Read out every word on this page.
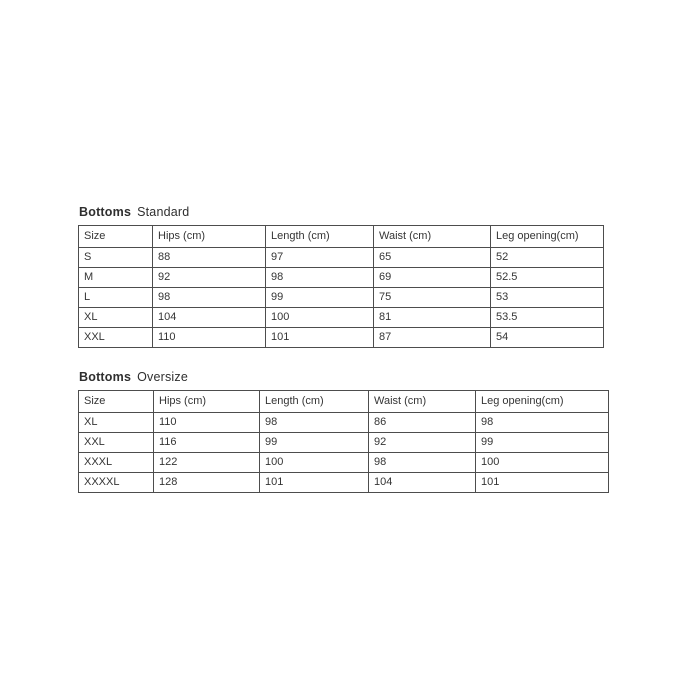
Bottoms Standard
Size	Hips (cm)	Length (cm)	Waist (cm)	Leg opening(cm)
S	88	97	65	52
M	92	98	69	52.5
L	98	99	75	53
XL	104	100	81	53.5
XXL	110	101	87	54
Bottoms Oversize
Size	Hips (cm)	Length (cm)	Waist (cm)	Leg opening(cm)
XL	110	98	86	98
XXL	116	99	92	99
XXXL	122	100	98	100
XXXXL	128	101	104	101
